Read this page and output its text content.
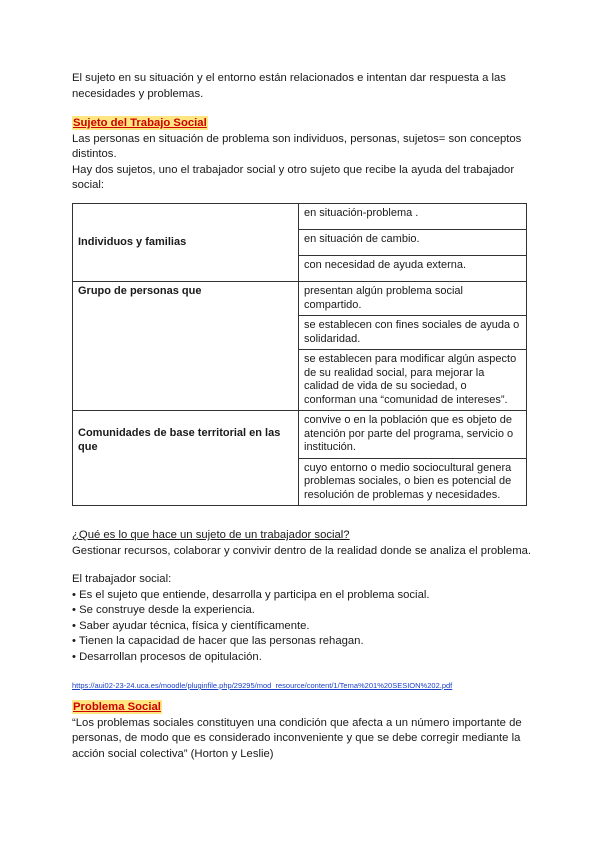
El sujeto en su situación y el entorno están relacionados e intentan dar respuesta a las necesidades y problemas.

Sujeto del Trabajo Social

Las personas en situación de problema son individuos, personas, sujetos= son conceptos distintos.

Hay dos sujetos, uno el trabajador social y otro sujeto que recibe la ayuda del trabajador social:

Individuos y familias	en situación-problema .
	en situación de cambio.
	con necesidad de ayuda externa.
Grupo de personas que	presentan algún problema social compartido.
	se establecen con fines sociales de ayuda o solidaridad.
	se establecen para modificar algún aspecto de su realidad social, para mejorar la calidad de vida de su sociedad, o conforman una “comunidad de intereses”.
Comunidades de base territorial en las que	convive o en la población que es objeto de atención por parte del programa, servicio o institución.
	cuyo entorno o medio sociocultural genera problemas sociales, o bien es potencial de resolución de problemas y necesidades.

¿Qué es lo que hace un sujeto de un trabajador social?

Gestionar recursos, colaborar y convivir dentro de la realidad donde se analiza el problema.

El trabajador social:

• Es el sujeto que entiende, desarrolla y participa en el problema social.
• Se construye desde la experiencia.
• Saber ayudar técnica, física y científicamente.
• Tienen la capacidad de hacer que las personas rehagan.
• Desarrollan procesos de opitulación.
https://aui02-23-24.uca.es/moodle/pluginfile.php/29295/mod_resource/content/1/Tema%201%20SESION%202.pdf
Problema Social

“Los problemas sociales constituyen una condición que afecta a un número importante de personas, de modo que es considerado inconveniente y que se debe corregir mediante la acción social colectiva” (Horton y Leslie)
